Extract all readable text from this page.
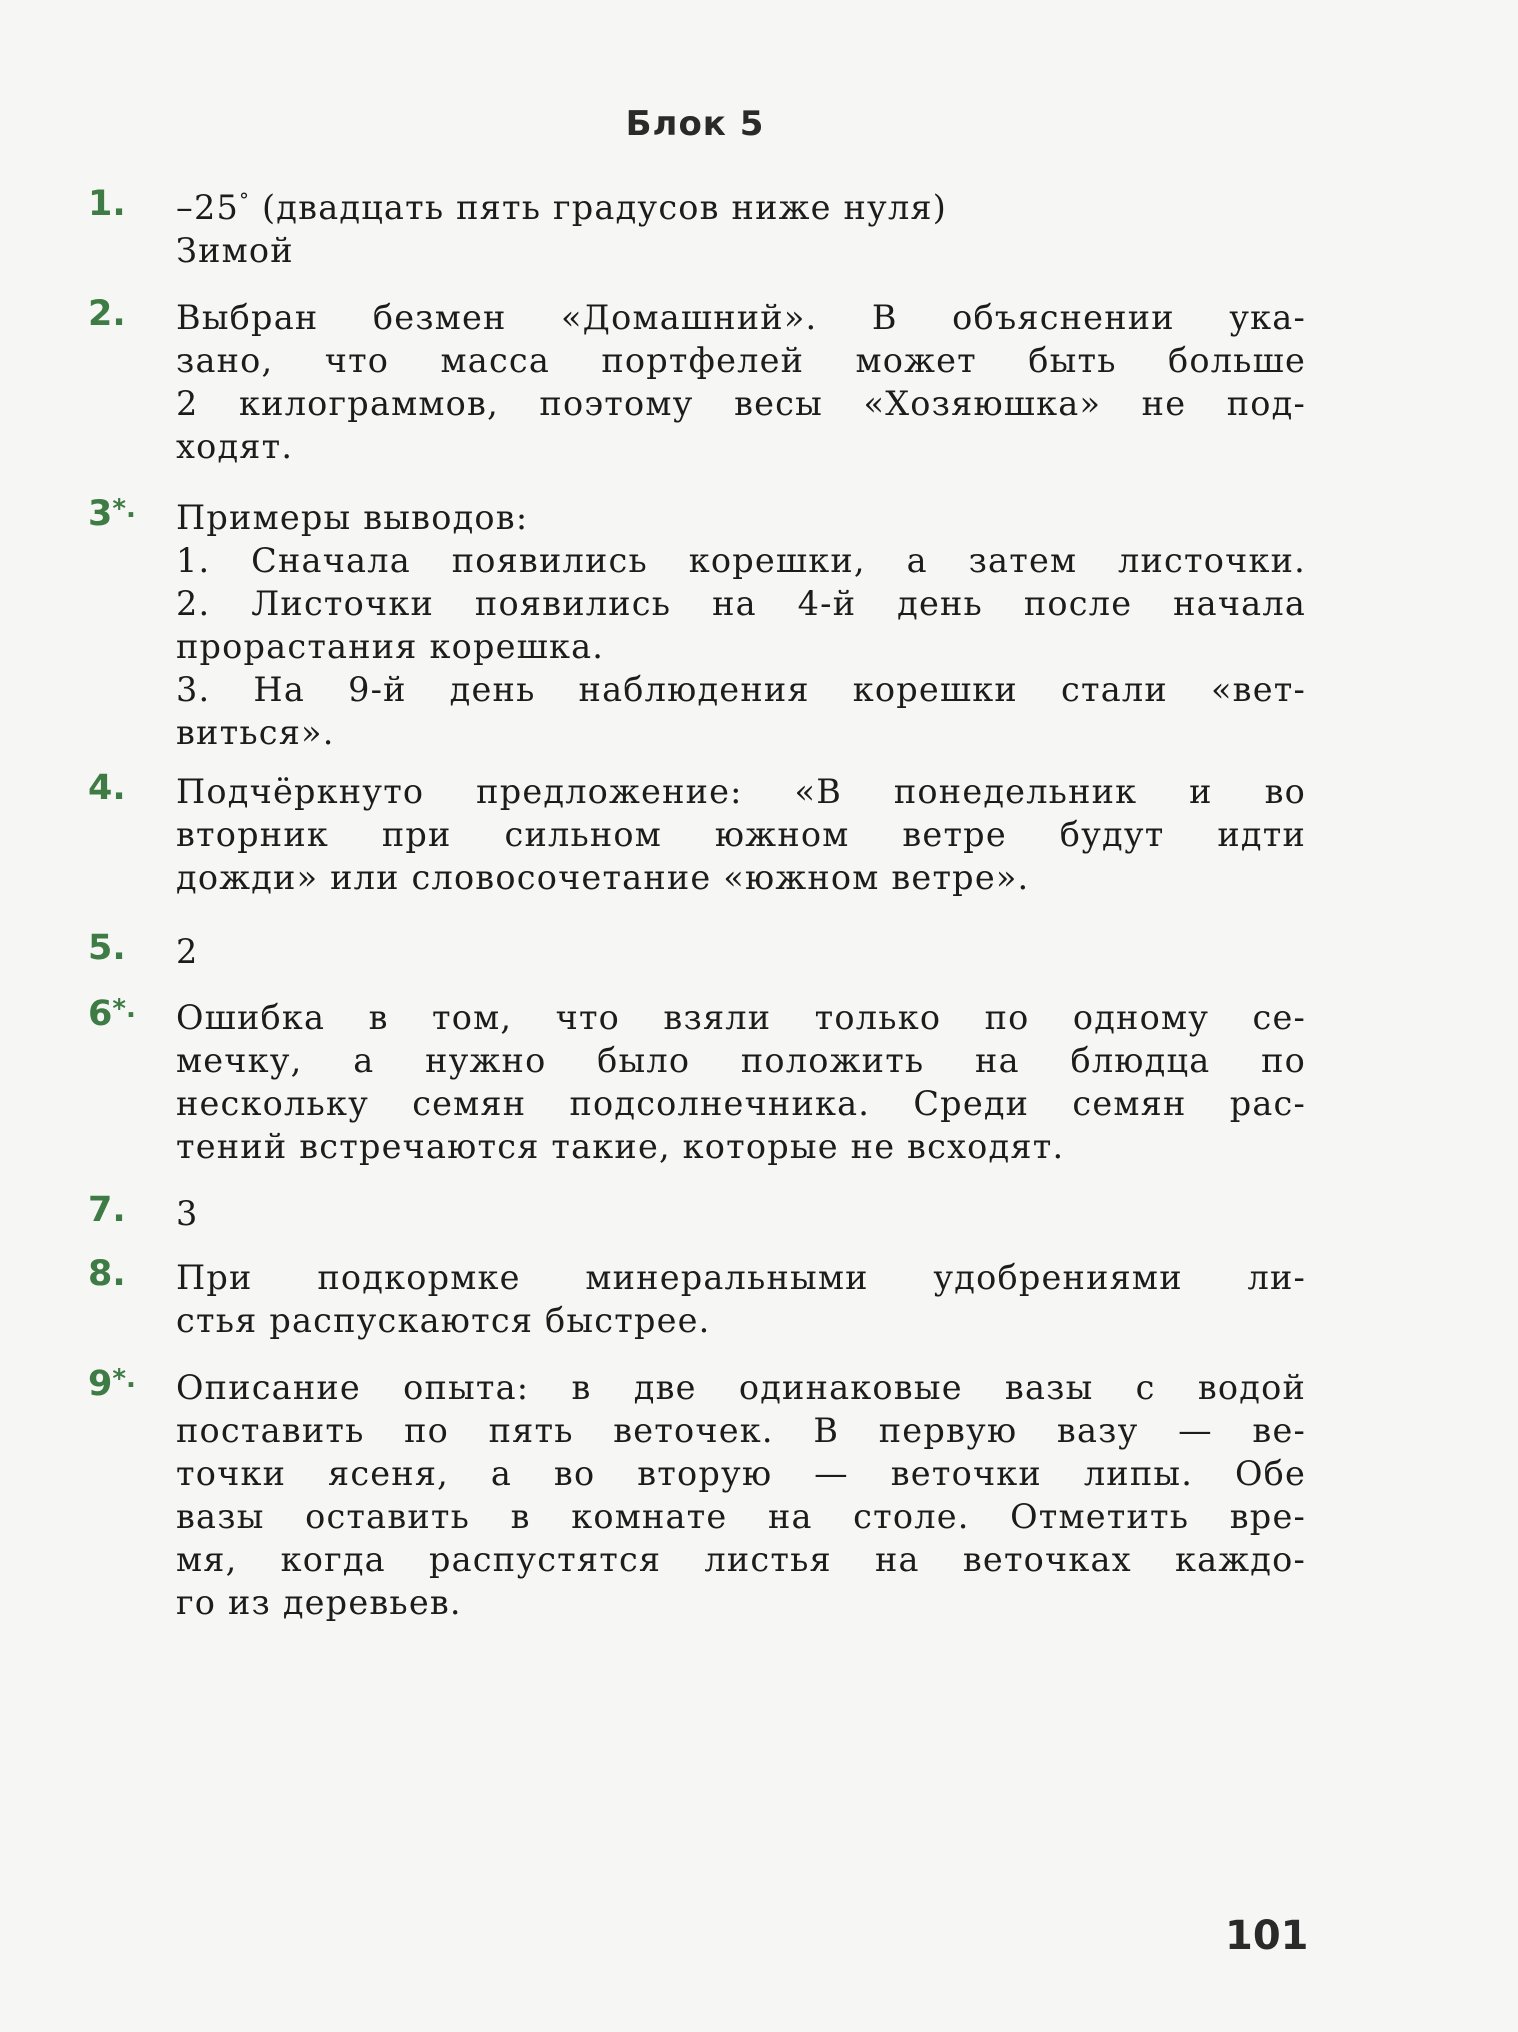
Блок 5
1.	–25° (двадцать пять градусов ниже нуля)
Зимой
2.	Выбран безмен «Домашний». В объяснении ука-
зано, что масса портфелей может быть больше
2 килограммов, поэтому весы «Хозяюшка» не под-
ходят.
3*.	Примеры выводов:
1. Сначала появились корешки, а затем листочки.
2. Листочки появились на 4-й день после начала
прорастания корешка.
3. На 9-й день наблюдения корешки стали «вет-
виться».
4.	Подчёркнуто предложение: «В понедельник и во
вторник при сильном южном ветре будут идти
дожди» или словосочетание «южном ветре».
5.	2
6*.	Ошибка в том, что взяли только по одному се-
мечку, а нужно было положить на блюдца по
нескольку семян подсолнечника. Среди семян рас-
тений встречаются такие, которые не всходят.
7.	3
8.	При подкормке минеральными удобрениями ли-
стья распускаются быстрее.
9*.	Описание опыта: в две одинаковые вазы с водой
поставить по пять веточек. В первую вазу — ве-
точки ясеня, а во вторую — веточки липы. Обе
вазы оставить в комнате на столе. Отметить вре-
мя, когда распустятся листья на веточках каждо-
го из деревьев.
101
